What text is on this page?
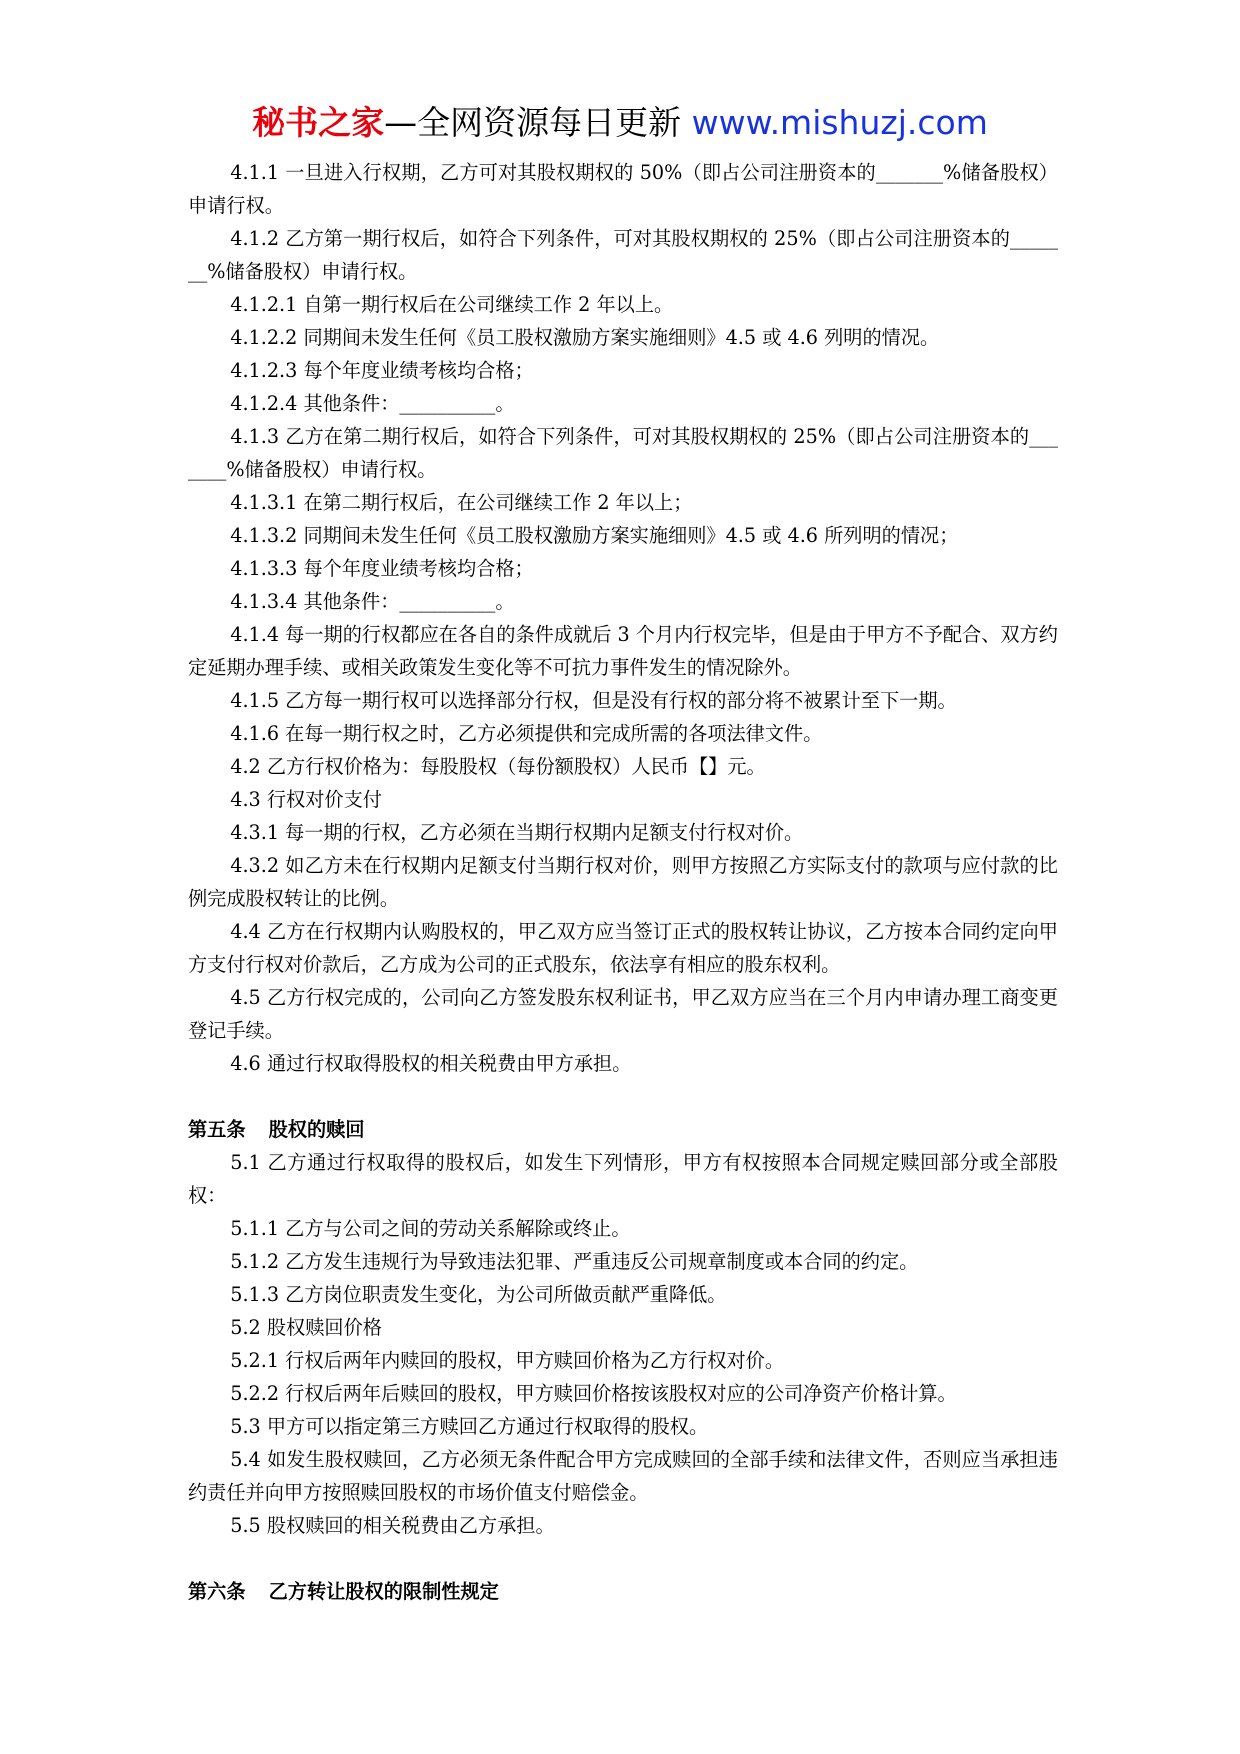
秘书之家—全网资源每日更新 www.mishuzj.com

4.1.1 一旦进入行权期，乙方可对其股权期权的 50%（即占公司注册资本的_______%储备股权）申请行权。

4.1.2 乙方第一期行权后，如符合下列条件，可对其股权期权的 25%（即占公司注册资本的_______%储备股权）申请行权。

4.1.2.1 自第一期行权后在公司继续工作 2 年以上。

4.1.2.2 同期间未发生任何《员工股权激励方案实施细则》4.5 或 4.6 列明的情况。

4.1.2.3 每个年度业绩考核均合格；

4.1.2.4 其他条件：__________。

4.1.3 乙方在第二期行权后，如符合下列条件，可对其股权期权的 25%（即占公司注册资本的_______%储备股权）申请行权。

4.1.3.1 在第二期行权后，在公司继续工作 2 年以上；

4.1.3.2 同期间未发生任何《员工股权激励方案实施细则》4.5 或 4.6 所列明的情况；

4.1.3.3 每个年度业绩考核均合格；

4.1.3.4 其他条件：__________。

4.1.4 每一期的行权都应在各自的条件成就后 3 个月内行权完毕，但是由于甲方不予配合、双方约定延期办理手续、或相关政策发生变化等不可抗力事件发生的情况除外。

4.1.5 乙方每一期行权可以选择部分行权，但是没有行权的部分将不被累计至下一期。

4.1.6 在每一期行权之时，乙方必须提供和完成所需的各项法律文件。

4.2 乙方行权价格为：每股股权（每份额股权）人民币【】元。

4.3 行权对价支付

4.3.1 每一期的行权，乙方必须在当期行权期内足额支付行权对价。

4.3.2 如乙方未在行权期内足额支付当期行权对价，则甲方按照乙方实际支付的款项与应付款的比例完成股权转让的比例。

4.4 乙方在行权期内认购股权的，甲乙双方应当签订正式的股权转让协议，乙方按本合同约定向甲方支付行权对价款后，乙方成为公司的正式股东，依法享有相应的股东权利。

4.5 乙方行权完成的，公司向乙方签发股东权利证书，甲乙双方应当在三个月内申请办理工商变更登记手续。

4.6 通过行权取得股权的相关税费由甲方承担。

第五条 股权的赎回

5.1 乙方通过行权取得的股权后，如发生下列情形，甲方有权按照本合同规定赎回部分或全部股权：

5.1.1 乙方与公司之间的劳动关系解除或终止。

5.1.2 乙方发生违规行为导致违法犯罪、严重违反公司规章制度或本合同的约定。

5.1.3 乙方岗位职责发生变化，为公司所做贡献严重降低。

5.2 股权赎回价格

5.2.1 行权后两年内赎回的股权，甲方赎回价格为乙方行权对价。

5.2.2 行权后两年后赎回的股权，甲方赎回价格按该股权对应的公司净资产价格计算。

5.3 甲方可以指定第三方赎回乙方通过行权取得的股权。

5.4 如发生股权赎回，乙方必须无条件配合甲方完成赎回的全部手续和法律文件，否则应当承担违约责任并向甲方按照赎回股权的市场价值支付赔偿金。

5.5 股权赎回的相关税费由乙方承担。

第六条 乙方转让股权的限制性规定
